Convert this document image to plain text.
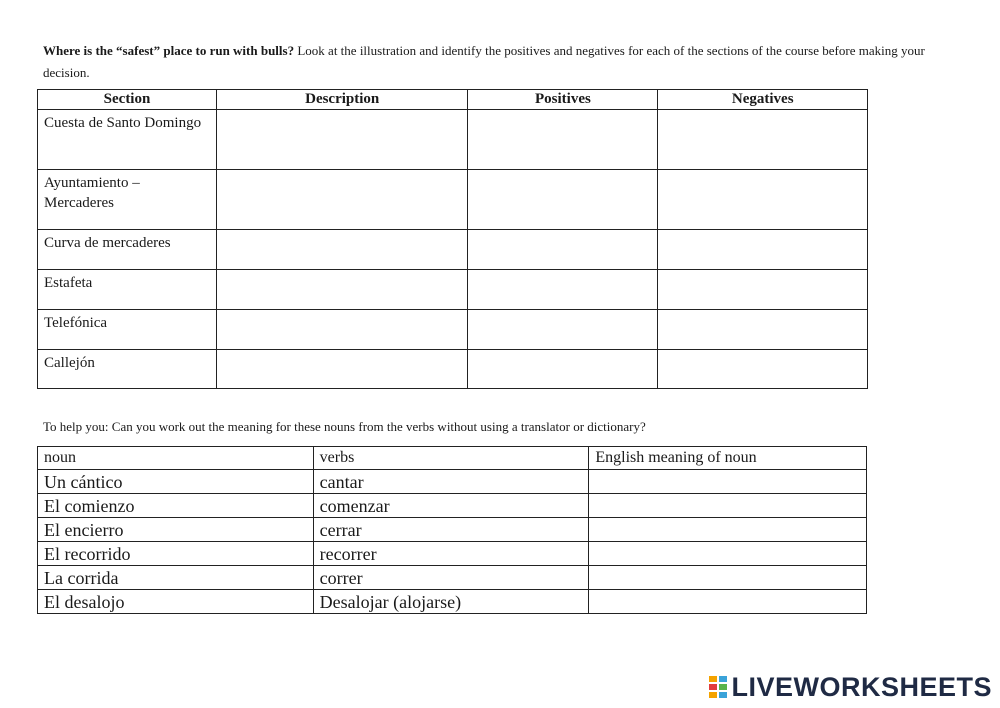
Where is the “safest” place to run with bulls? Look at the illustration and identify the positives and negatives for each of the sections of the course before making your decision.
Section	Description	Positives	Negatives
Cuesta de Santo Domingo			
Ayuntamiento – Mercaderes			
Curva de mercaderes			
Estafeta			
Telefónica			
Callejón			
To help you: Can you work out the meaning for these nouns from the verbs without using a translator or dictionary?
noun	verbs	English meaning of noun
Un cántico	cantar	
El comienzo	comenzar	
El encierro	cerrar	
El recorrido	recorrer	
La corrida	correr	
El desalojo	Desalojar (alojarse)	
LIVEWORKSHEETS
